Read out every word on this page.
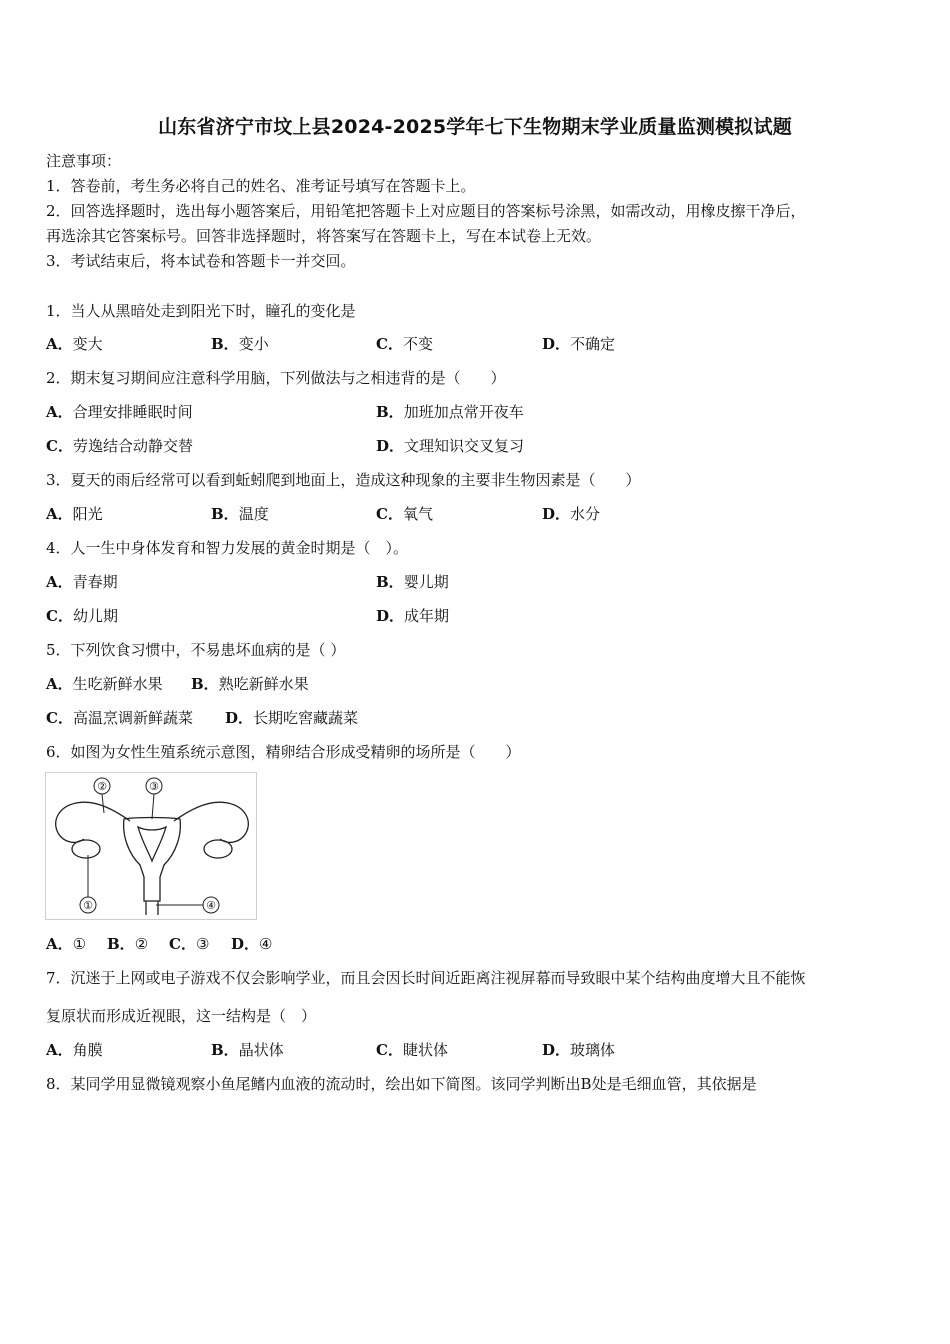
山东省济宁市坟上县2024-2025学年七下生物期末学业质量监测模拟试题
注意事项：
1．答卷前，考生务必将自己的姓名、准考证号填写在答题卡上。
2．回答选择题时，选出每小题答案后，用铅笔把答题卡上对应题目的答案标号涂黑，如需改动，用橡皮擦干净后，
再选涂其它答案标号。回答非选择题时，将答案写在答题卡上，写在本试卷上无效。
3．考试结束后，将本试卷和答题卡一并交回。
1．当人从黑暗处走到阳光下时，瞳孔的变化是
A．变大	B．变小	C．不变	D．不确定
2．期末复习期间应注意科学用脑，下列做法与之相违背的是（　　）
A．合理安排睡眠时间	B．加班加点常开夜车
C．劳逸结合动静交替	D．文理知识交叉复习
3．夏天的雨后经常可以看到蚯蚓爬到地面上，造成这种现象的主要非生物因素是（　　）
A．阳光	B．温度	C．氧气	D．水分
4．人一生中身体发育和智力发展的黄金时期是（　）。
A．青春期	B．婴儿期
C．幼儿期	D．成年期
5．下列饮食习惯中，不易患坏血病的是（ ）
A．生吃新鲜水果 B．熟吃新鲜水果
C．高温烹调新鲜蔬菜 D．长期吃窖藏蔬菜
6．如图为女性生殖系统示意图，精卵结合形成受精卵的场所是（　　）
②	③
①	④
A．① B．② C．③ D．④
7．沉迷于上网或电子游戏不仅会影响学业，而且会因长时间近距离注视屏幕而导致眼中某个结构曲度增大且不能恢
复原状而形成近视眼，这一结构是（　）
A．角膜	B．晶状体	C．睫状体	D．玻璃体
8．某同学用显微镜观察小鱼尾鳍内血液的流动时，绘出如下简图。该同学判断出B处是毛细血管，其依据是
